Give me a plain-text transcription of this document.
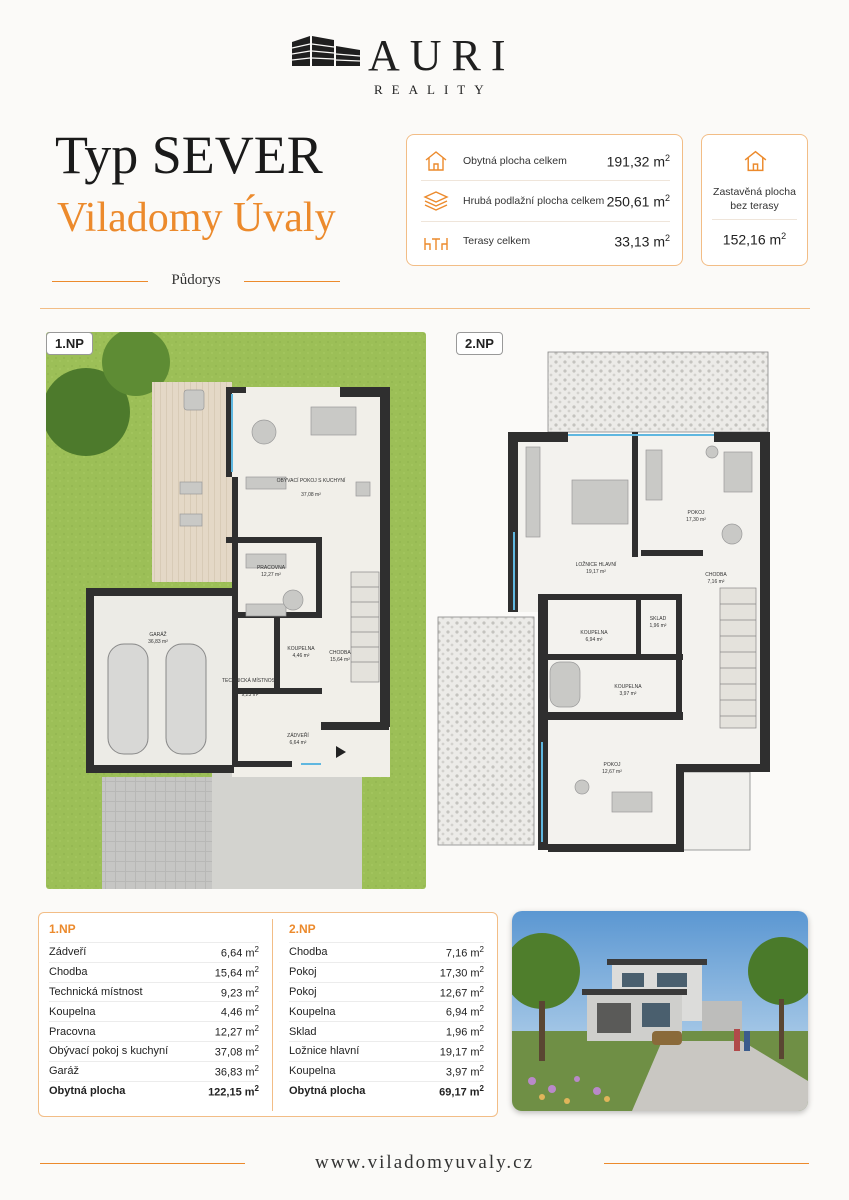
AURI
REALITY
Typ SEVER
Viladomy Úvaly
Půdorys
Obytná plocha celkem	191,32 $m^2$
Hrubá podlažní plocha celkem 250,61 $m^2$
Terasy celkem	33,13 $m^2$
Zastavěná plocha
bez terasy
152,16 $m^2$
OBÝVACÍ POKOJ S KUCHYNÍ
37,08 m²
PRACOVNA
12,27 m²
GARÁŽ
36,83 m²
KOUPELNA
4,46 m²
TECHNICKÁ MÍSTNOST
9,23 m²
CHODBA
15,64 m²
ZÁDVEŘÍ
6,64 m²
1.NP
POKOJ
17,30 m²
LOŽNICE HLAVNÍ
19,17 m²	CHODBA
7,16 m²
KOUPELNA
6,94 m²
SKLAD
1,96 m²
KOUPELNA
3,97 m²
POKOJ
12,67 m²
2.NP
1.NP
Zádveří	6,64 $m^2$
Chodba	15,64 $m^2$
Technická místnost	9,23 $m^2$
Koupelna	4,46 $m^2$
Pracovna	12,27 $m^2$
Obývací pokoj s kuchyní	37,08 $m^2$
Garáž	36,83 $m^2$
Obytná plocha	122,15 $m^2$
2.NP
Chodba	7,16 $m^2$
Pokoj	17,30 $m^2$
Pokoj	12,67 $m^2$
Koupelna	6,94 $m^2$
Sklad	1,96 $m^2$
Ložnice hlavní	19,17 $m^2$
Koupelna	3,97 $m^2$
Obytná plocha	69,17 $m^2$
www.viladomyuvaly.cz
